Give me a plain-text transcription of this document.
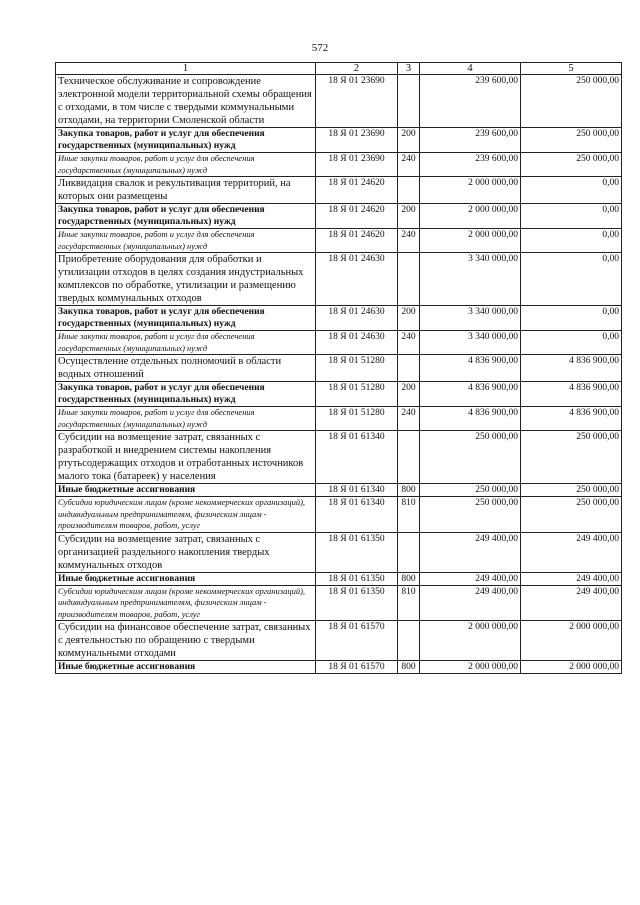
572
1	2	3	4	5
Техническое обслуживание и сопровождение электронной модели территориальной схемы обращения с отходами, в том числе с твердыми коммунальными отходами, на территории Смоленской области	18 Я 01 23690		239 600,00	250 000,00
Закупка товаров, работ и услуг для обеспечения государственных (муниципальных) нужд	18 Я 01 23690	200	239 600,00	250 000,00
Иные закупки товаров, работ и услуг для обеспечения государственных (муниципальных) нужд	18 Я 01 23690	240	239 600,00	250 000,00
Ликвидация свалок и рекультивация территорий, на которых они размещены	18 Я 01 24620		2 000 000,00	0,00
Закупка товаров, работ и услуг для обеспечения государственных (муниципальных) нужд	18 Я 01 24620	200	2 000 000,00	0,00
Иные закупки товаров, работ и услуг для обеспечения государственных (муниципальных) нужд	18 Я 01 24620	240	2 000 000,00	0,00
Приобретение оборудования для обработки и утилизации отходов в целях создания индустриальных комплексов по обработке, утилизации и размещению твердых коммунальных отходов	18 Я 01 24630		3 340 000,00	0,00
Закупка товаров, работ и услуг для обеспечения государственных (муниципальных) нужд	18 Я 01 24630	200	3 340 000,00	0,00
Иные закупки товаров, работ и услуг для обеспечения государственных (муниципальных) нужд	18 Я 01 24630	240	3 340 000,00	0,00
Осуществление отдельных полномочий в области водных отношений	18 Я 01 51280		4 836 900,00	4 836 900,00
Закупка товаров, работ и услуг для обеспечения государственных (муниципальных) нужд	18 Я 01 51280	200	4 836 900,00	4 836 900,00
Иные закупки товаров, работ и услуг для обеспечения государственных (муниципальных) нужд	18 Я 01 51280	240	4 836 900,00	4 836 900,00
Субсидии на возмещение затрат, связанных с разработкой и внедрением системы накопления ртутьсодержащих отходов и отработанных источников малого тока (батареек) у населения	18 Я 01 61340		250 000,00	250 000,00
Иные бюджетные ассигнования	18 Я 01 61340	800	250 000,00	250 000,00
Субсидии юридическим лицам (кроме некоммерческих организаций), индивидуальным предпринимателям, физическим лицам - производителям товаров, работ, услуг	18 Я 01 61340	810	250 000,00	250 000,00
Субсидии на возмещение затрат, связанных с организацией раздельного накопления твердых коммунальных отходов	18 Я 01 61350		249 400,00	249 400,00
Иные бюджетные ассигнования	18 Я 01 61350	800	249 400,00	249 400,00
Субсидии юридическим лицам (кроме некоммерческих организаций), индивидуальным предпринимателям, физическим лицам - производителям товаров, работ, услуг	18 Я 01 61350	810	249 400,00	249 400,00
Субсидии на финансовое обеспечение затрат, связанных с деятельностью по обращению с твердыми коммунальными отходами	18 Я 01 61570		2 000 000,00	2 000 000,00
Иные бюджетные ассигнования	18 Я 01 61570	800	2 000 000,00	2 000 000,00
